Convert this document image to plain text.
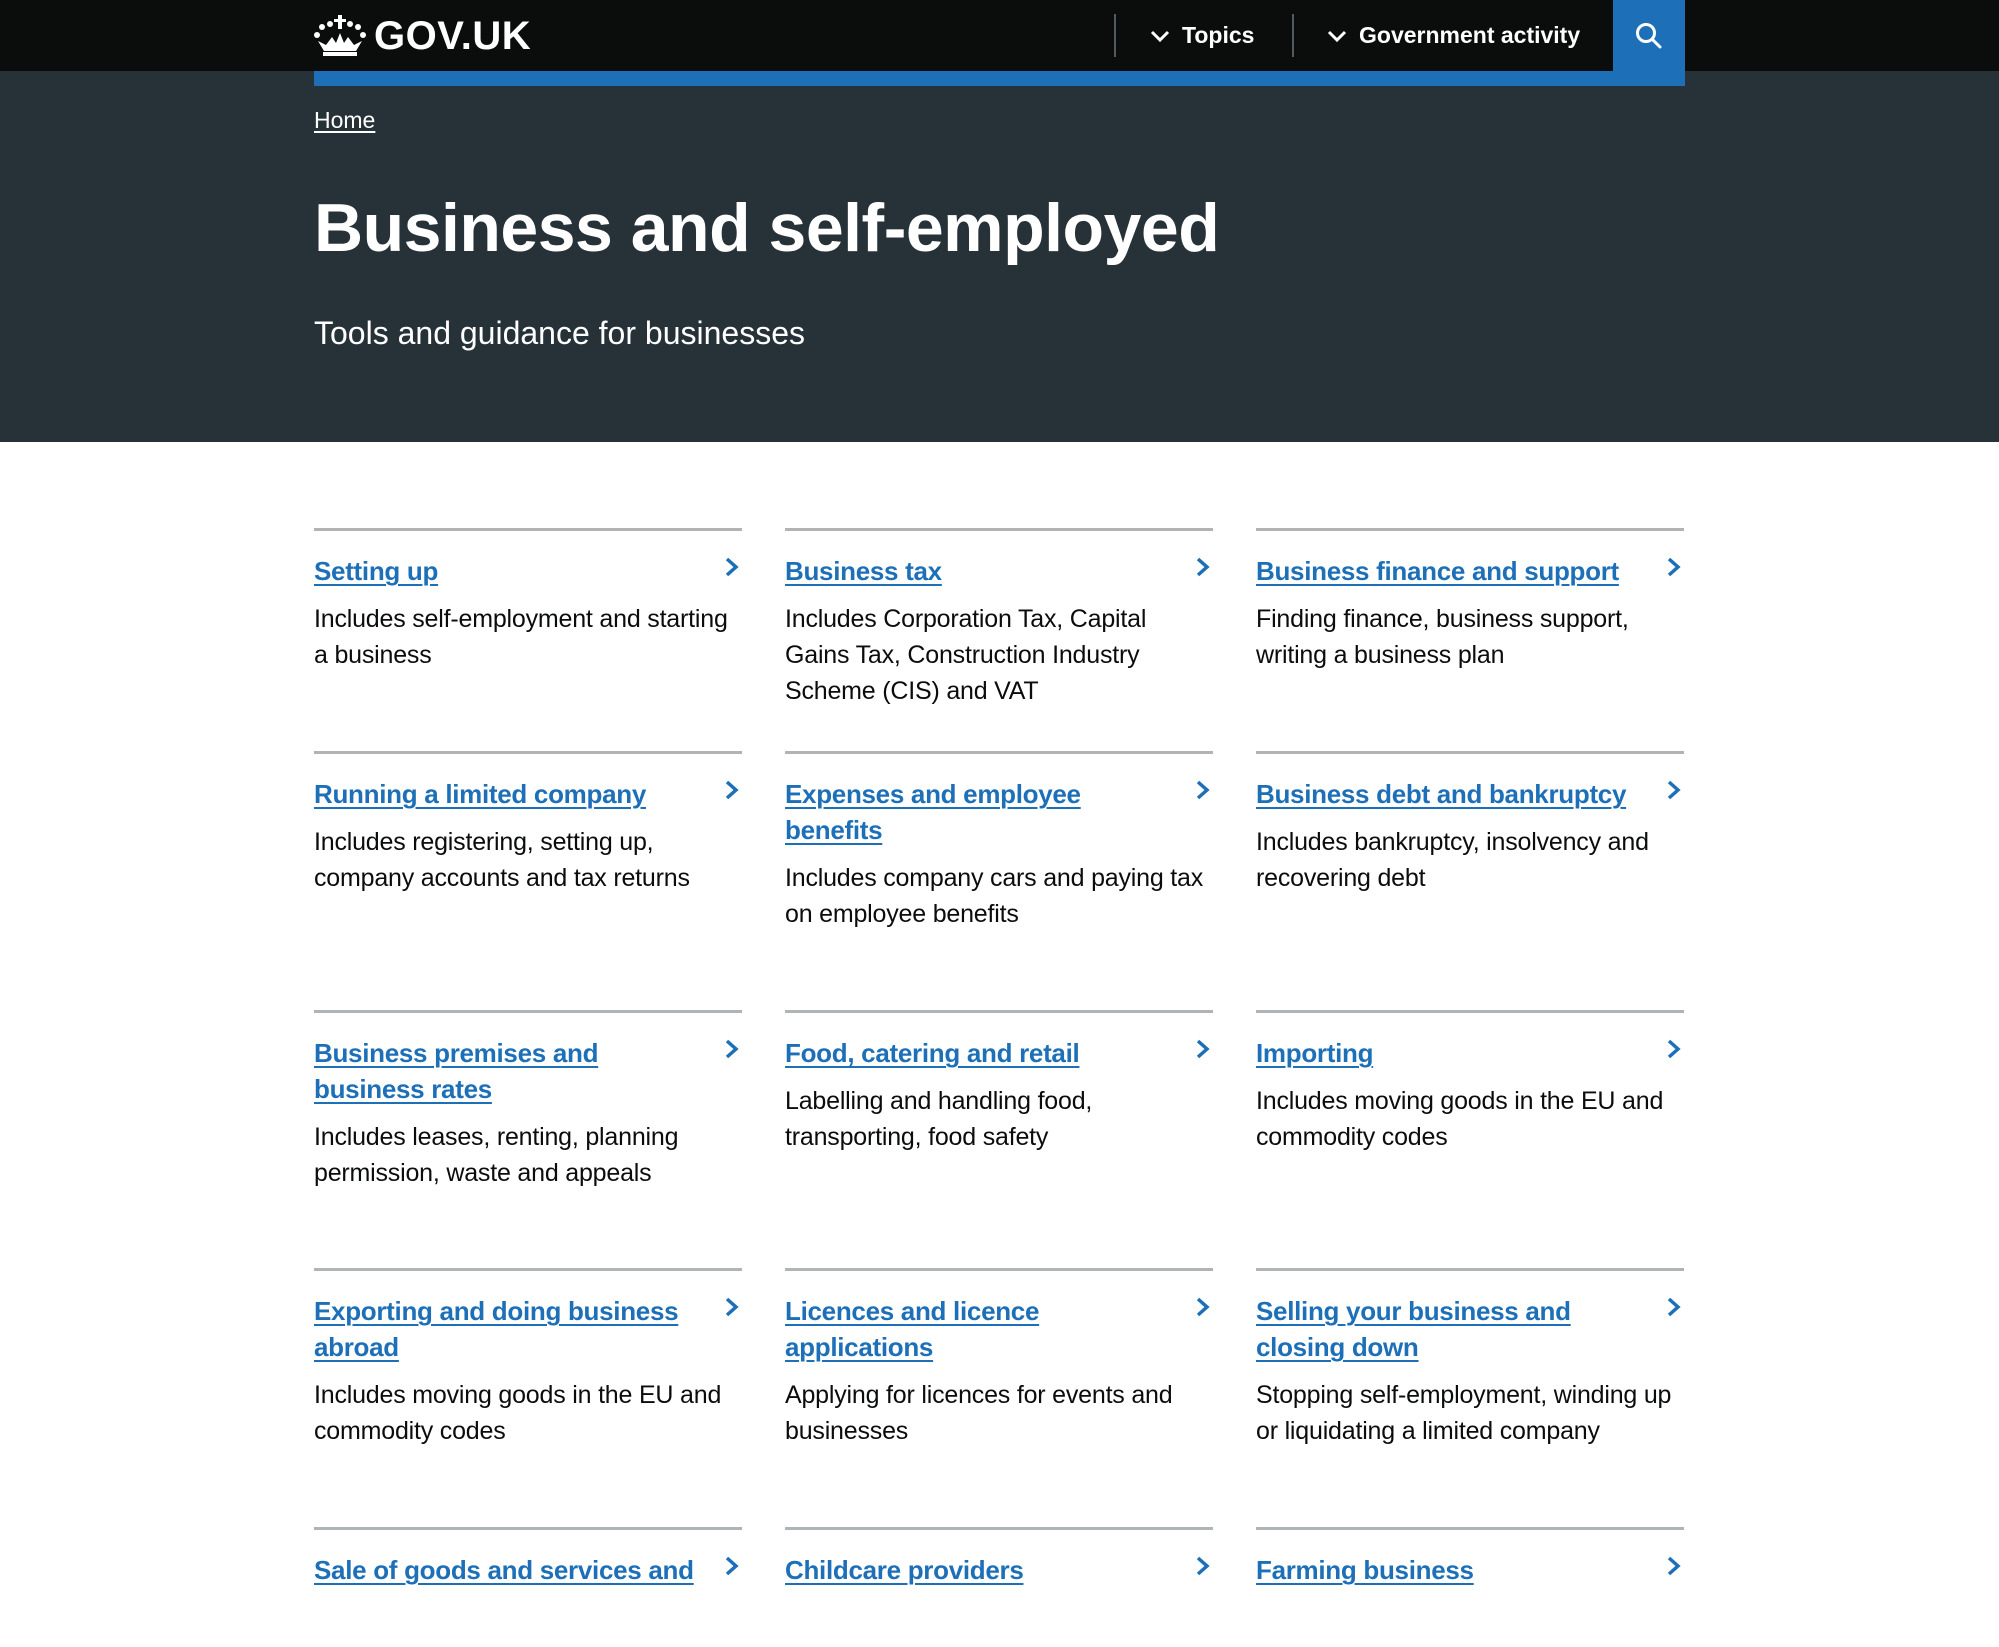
GOV.UK	Topics	Government activity
Home
Business and self-employed

Tools and guidance for businesses

Setting up

Includes self-employment and starting a business

Business tax

Includes Corporation Tax, Capital Gains Tax, Construction Industry Scheme (CIS) and VAT

Business finance and support

Finding finance, business support, writing a business plan

Running a limited company

Includes registering, setting up, company accounts and tax returns

Expenses and employee benefits

Includes company cars and paying tax on employee benefits

Business debt and bankruptcy

Includes bankruptcy, insolvency and recovering debt

Business premises and business rates

Includes leases, renting, planning permission, waste and appeals

Food, catering and retail

Labelling and handling food, transporting, food safety

Importing

Includes moving goods in the EU and commodity codes

Exporting and doing business abroad

Includes moving goods in the EU and commodity codes

Licences and licence applications

Applying for licences for events and businesses

Selling your business and closing down

Stopping self-employment, winding up or liquidating a limited company

Sale of goods and services and	Childcare providers	Farming business
